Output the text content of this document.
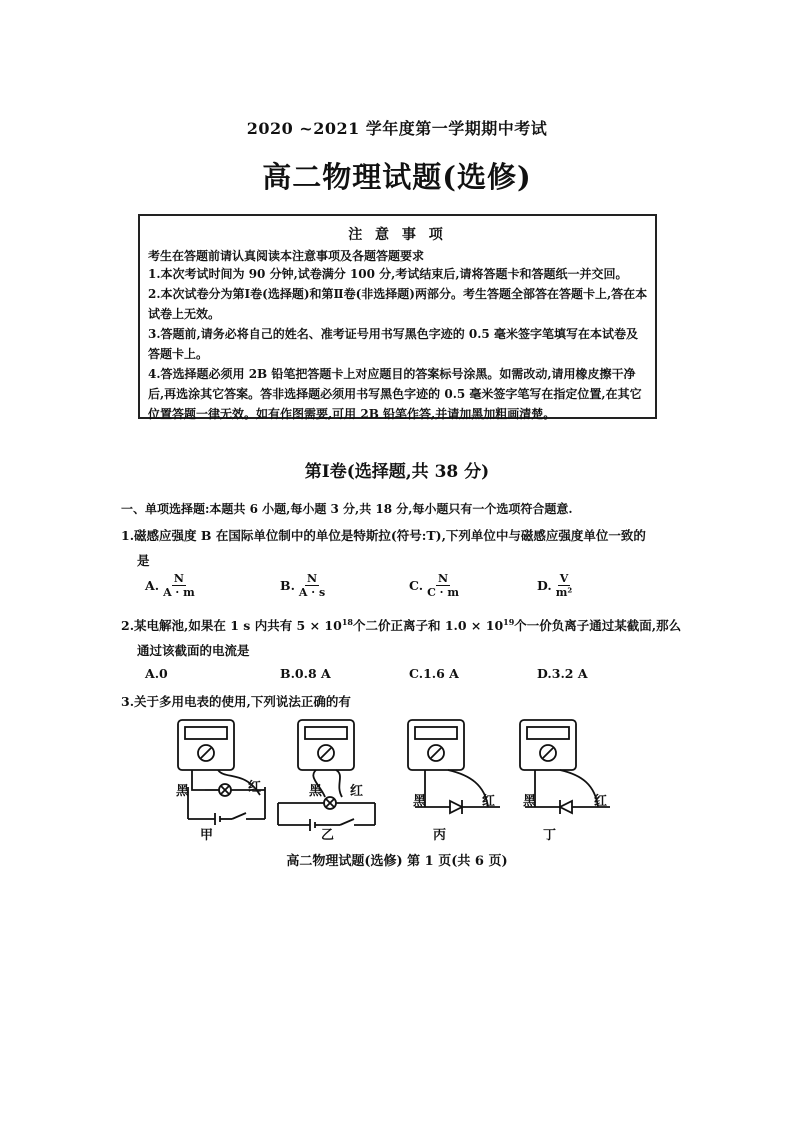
2020 ~2021 学年度第一学期期中考试
高二物理试题(选修)
注 意 事 项
考生在答题前请认真阅读本注意事项及各题答题要求
1.本次考试时间为 90 分钟,试卷满分 100 分,考试结束后,请将答题卡和答题纸一并交回。
2.本次试卷分为第Ⅰ卷(选择题)和第Ⅱ卷(非选择题)两部分。考生答题全部答在答题卡上,答在本试卷上无效。
3.答题前,请务必将自己的姓名、准考证号用书写黑色字迹的 0.5 毫米签字笔填写在本试卷及答题卡上。
4.答选择题必须用 2B 铅笔把答题卡上对应题目的答案标号涂黑。如需改动,请用橡皮擦干净后,再选涂其它答案。答非选择题必须用书写黑色字迹的 0.5 毫米签字笔写在指定位置,在其它位置答题一律无效。如有作图需要,可用 2B 铅笔作答,并请加黑加粗画清楚。
第Ⅰ卷(选择题,共 38 分)
一、单项选择题:本题共 6 小题,每小题 3 分,共 18 分,每小题只有一个选项符合题意.
1.磁感应强度 B 在国际单位制中的单位是特斯拉(符号:T),下列单位中与磁感应强度单位一致的
是
A. $\frac{N}{A \cdot m}$	B. $\frac{N}{A \cdot s}$	C. $\frac{N}{C \cdot m}$	D. $\frac{V}{\text{m²}}$
2.某电解池,如果在 1 s 内共有 $5 \times 10^{18}$个二价正离子和 $1.0 \times 10^{19}$个一价负离子通过某截面,那么
通过该截面的电流是
A.0	B.0.8 A	C.1.6 A	D.3.2 A
3.关于多用电表的使用,下列说法正确的有
黑	红
甲
黑 红
乙
黑	红
丙
黑	红
丁
高二物理试题(选修) 第 1 页(共 6 页)
